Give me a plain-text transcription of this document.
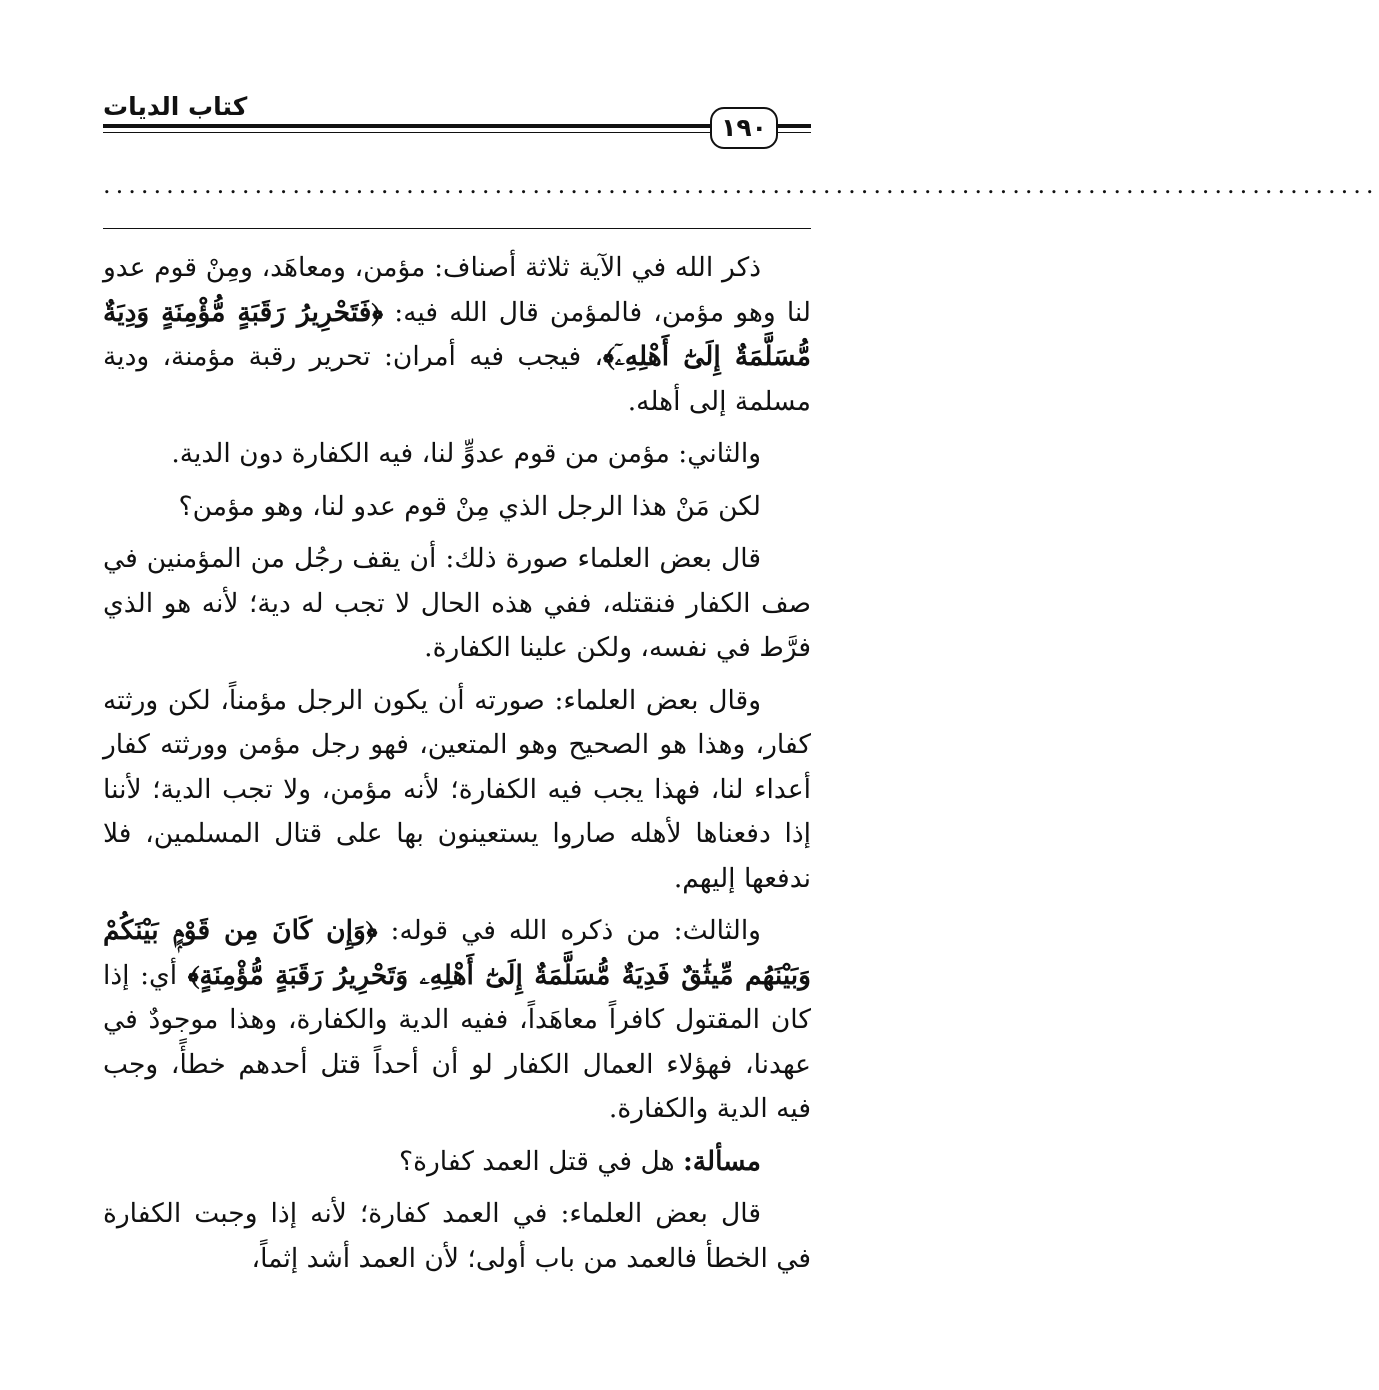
كتاب الديات
١٩٠
.....................................................................................................

ذكر الله في الآية ثلاثة أصناف: مؤمن، ومعاهَد، ومِنْ قوم عدو لنا وهو مؤمن، فالمؤمن قال الله فيه: ﴿فَتَحْرِيرُ رَقَبَةٍ مُّؤْمِنَةٍ وَدِيَةٌ مُّسَلَّمَةٌ إِلَىٰٓ أَهْلِهِۦٓ﴾، فيجب فيه أمران: تحرير رقبة مؤمنة، ودية مسلمة إلى أهله.

والثاني: مؤمن من قوم عدوٍّ لنا، فيه الكفارة دون الدية.

لكن مَنْ هذا الرجل الذي مِنْ قوم عدو لنا، وهو مؤمن؟

قال بعض العلماء صورة ذلك: أن يقف رجُل من المؤمنين في صف الكفار فنقتله، ففي هذه الحال لا تجب له دية؛ لأنه هو الذي فرَّط في نفسه، ولكن علينا الكفارة.

وقال بعض العلماء: صورته أن يكون الرجل مؤمناً، لكن ورثته كفار، وهذا هو الصحيح وهو المتعين، فهو رجل مؤمن وورثته كفار أعداء لنا، فهذا يجب فيه الكفارة؛ لأنه مؤمن، ولا تجب الدية؛ لأننا إذا دفعناها لأهله صاروا يستعينون بها على قتال المسلمين، فلا ندفعها إليهم.

والثالث: من ذكره الله في قوله: ﴿وَإِن كَانَ مِن قَوْمٍۭ بَيْنَكُمْ وَبَيْنَهُم مِّيثَٰقٌ فَدِيَةٌ مُّسَلَّمَةٌ إِلَىٰٓ أَهْلِهِۦ وَتَحْرِيرُ رَقَبَةٍ مُّؤْمِنَةٍ﴾ أي: إذا كان المقتول كافراً معاهَداً، ففيه الدية والكفارة، وهذا موجودٌ في عهدنا، فهؤلاء العمال الكفار لو أن أحداً قتل أحدهم خطأً، وجب فيه الدية والكفارة.

مسألة: هل في قتل العمد كفارة؟

قال بعض العلماء: في العمد كفارة؛ لأنه إذا وجبت الكفارة في الخطأ فالعمد من باب أولى؛ لأن العمد أشد إثماً،
